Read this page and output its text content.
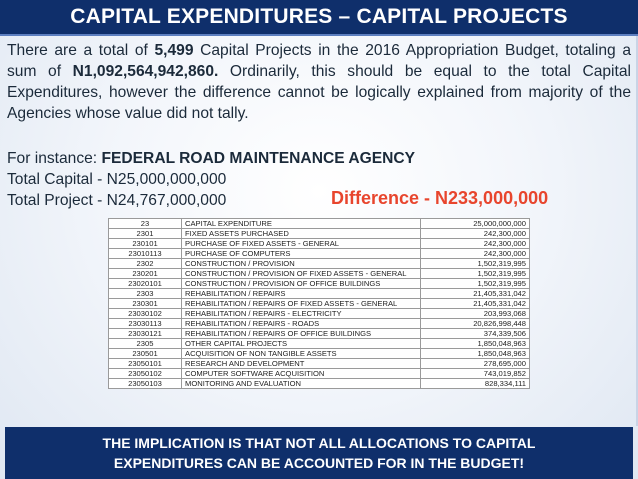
CAPITAL EXPENDITURES – CAPITAL PROJECTS
There are a total of 5,499 Capital Projects in the 2016 Appropriation Budget, totaling a sum of N1,092,564,942,860. Ordinarily, this should be equal to the total Capital Expenditures, however the difference cannot be logically explained from majority of the Agencies whose value did not tally.
For instance: FEDERAL ROAD MAINTENANCE AGENCY
Total Capital - N25,000,000,000
Total Project - N24,767,000,000	Difference - N233,000,000
23	CAPITAL EXPENDITURE	25,000,000,000
2301	FIXED ASSETS PURCHASED	242,300,000
230101	PURCHASE OF FIXED ASSETS - GENERAL	242,300,000
23010113	PURCHASE OF COMPUTERS	242,300,000
2302	CONSTRUCTION / PROVISION	1,502,319,995
230201	CONSTRUCTION / PROVISION OF FIXED ASSETS - GENERAL	1,502,319,995
23020101	CONSTRUCTION / PROVISION OF OFFICE BUILDINGS	1,502,319,995
2303	REHABILITATION / REPAIRS	21,405,331,042
230301	REHABILITATION / REPAIRS OF FIXED ASSETS - GENERAL	21,405,331,042
23030102	REHABILITATION / REPAIRS - ELECTRICITY	203,993,068
23030113	REHABILITATION / REPAIRS - ROADS	20,826,998,448
23030121	REHABILITATION / REPAIRS OF OFFICE BUILDINGS	374,339,506
2305	OTHER CAPITAL PROJECTS	1,850,048,963
230501	ACQUISITION OF NON TANGIBLE ASSETS	1,850,048,963
23050101	RESEARCH AND DEVELOPMENT	278,695,000
23050102	COMPUTER SOFTWARE ACQUISITION	743,019,852
23050103	MONITORING AND EVALUATION	828,334,111
THE IMPLICATION IS THAT NOT ALL ALLOCATIONS TO CAPITAL
EXPENDITURES CAN BE ACCOUNTED FOR IN THE BUDGET!
